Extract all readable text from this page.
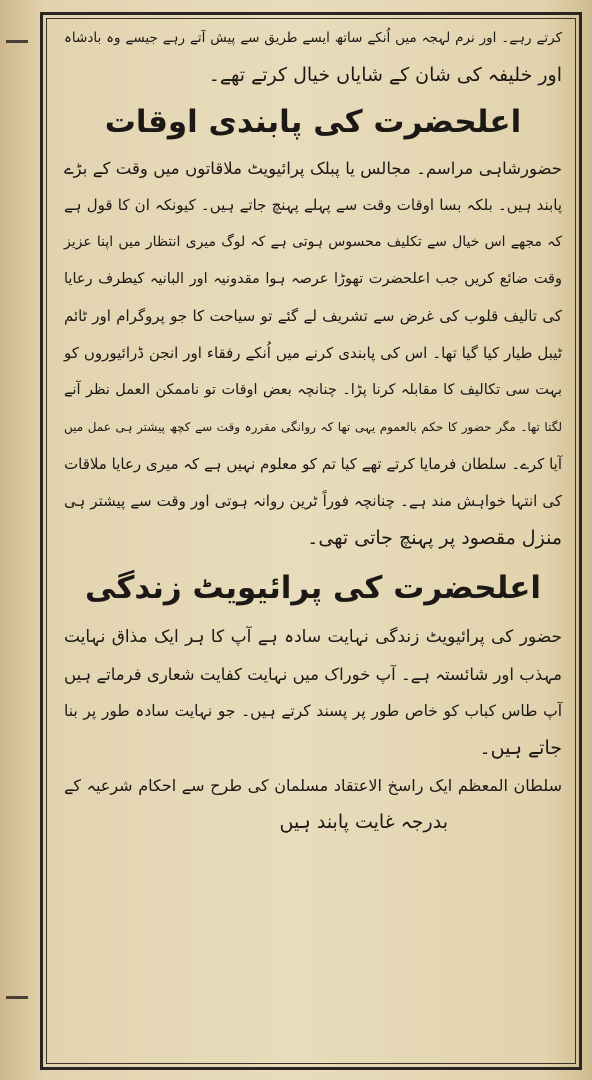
کرتے رہے۔ اور نرم لہجہ میں اُنکے ساتھ ایسے طریق سے پیش آتے رہے جیسے وہ بادشاہ
اور خلیفہ کی شان کے شایاں خیال کرتے تھے۔
اعلحضرت کی پابندی اوقات
حضورشاہی مراسم۔ مجالس یا پبلک پرائیویٹ ملاقاتوں میں وقت کے بڑے
پابند ہیں۔ بلکہ بسا اوقات وقت سے پہلے پہنچ جاتے ہیں۔ کیونکہ ان کا قول ہے
کہ مجھے اس خیال سے تکلیف محسوس ہوتی ہے کہ لوگ میری انتظار میں اپنا عزیز
وقت ضائع کریں جب اعلحضرت تھوڑا عرصہ ہوا مقدونیہ اور البانیہ کیطرف رعایا
کی تالیف قلوب کی غرض سے تشریف لے گئے تو سیاحت کا جو پروگرام اور ٹائم
ٹیبل طیار کیا گیا تھا۔ اس کی پابندی کرنے میں اُنکے رفقاء اور انجن ڈرائیوروں کو
بہت سی تکالیف کا مقابلہ کرنا پڑا۔ چنانچہ بعض اوقات تو ناممکن العمل نظر آنے
لگتا تھا۔ مگر حضور کا حکم بالعموم یہی تھا کہ روانگی مقررہ وقت سے کچھ پیشتر ہی عمل میں
آیا کرے۔ سلطان فرمایا کرتے تھے کیا تم کو معلوم نہیں ہے کہ میری رعایا ملاقات
کی انتہا خواہش مند ہے۔ چنانچہ فوراً ٹرین روانہ ہوتی اور وقت سے پیشتر ہی
منزل مقصود پر پہنچ جاتی تھی۔
اعلحضرت کی پرائیویٹ زندگی
حضور کی پرائیویٹ زندگی نہایت سادہ ہے آپ کا ہر ایک مذاق نہایت
مہذب اور شائستہ ہے۔ آپ خوراک میں نہایت کفایت شعاری فرماتے ہیں
آپ طاس کباب کو خاص طور پر پسند کرتے ہیں۔ جو نہایت سادہ طور پر بنا
جاتے ہیں۔
سلطان المعظم ایک راسخ الاعتقاد مسلمان کی طرح سے احکام شرعیہ کے
بدرجہ غایت پابند ہیں
